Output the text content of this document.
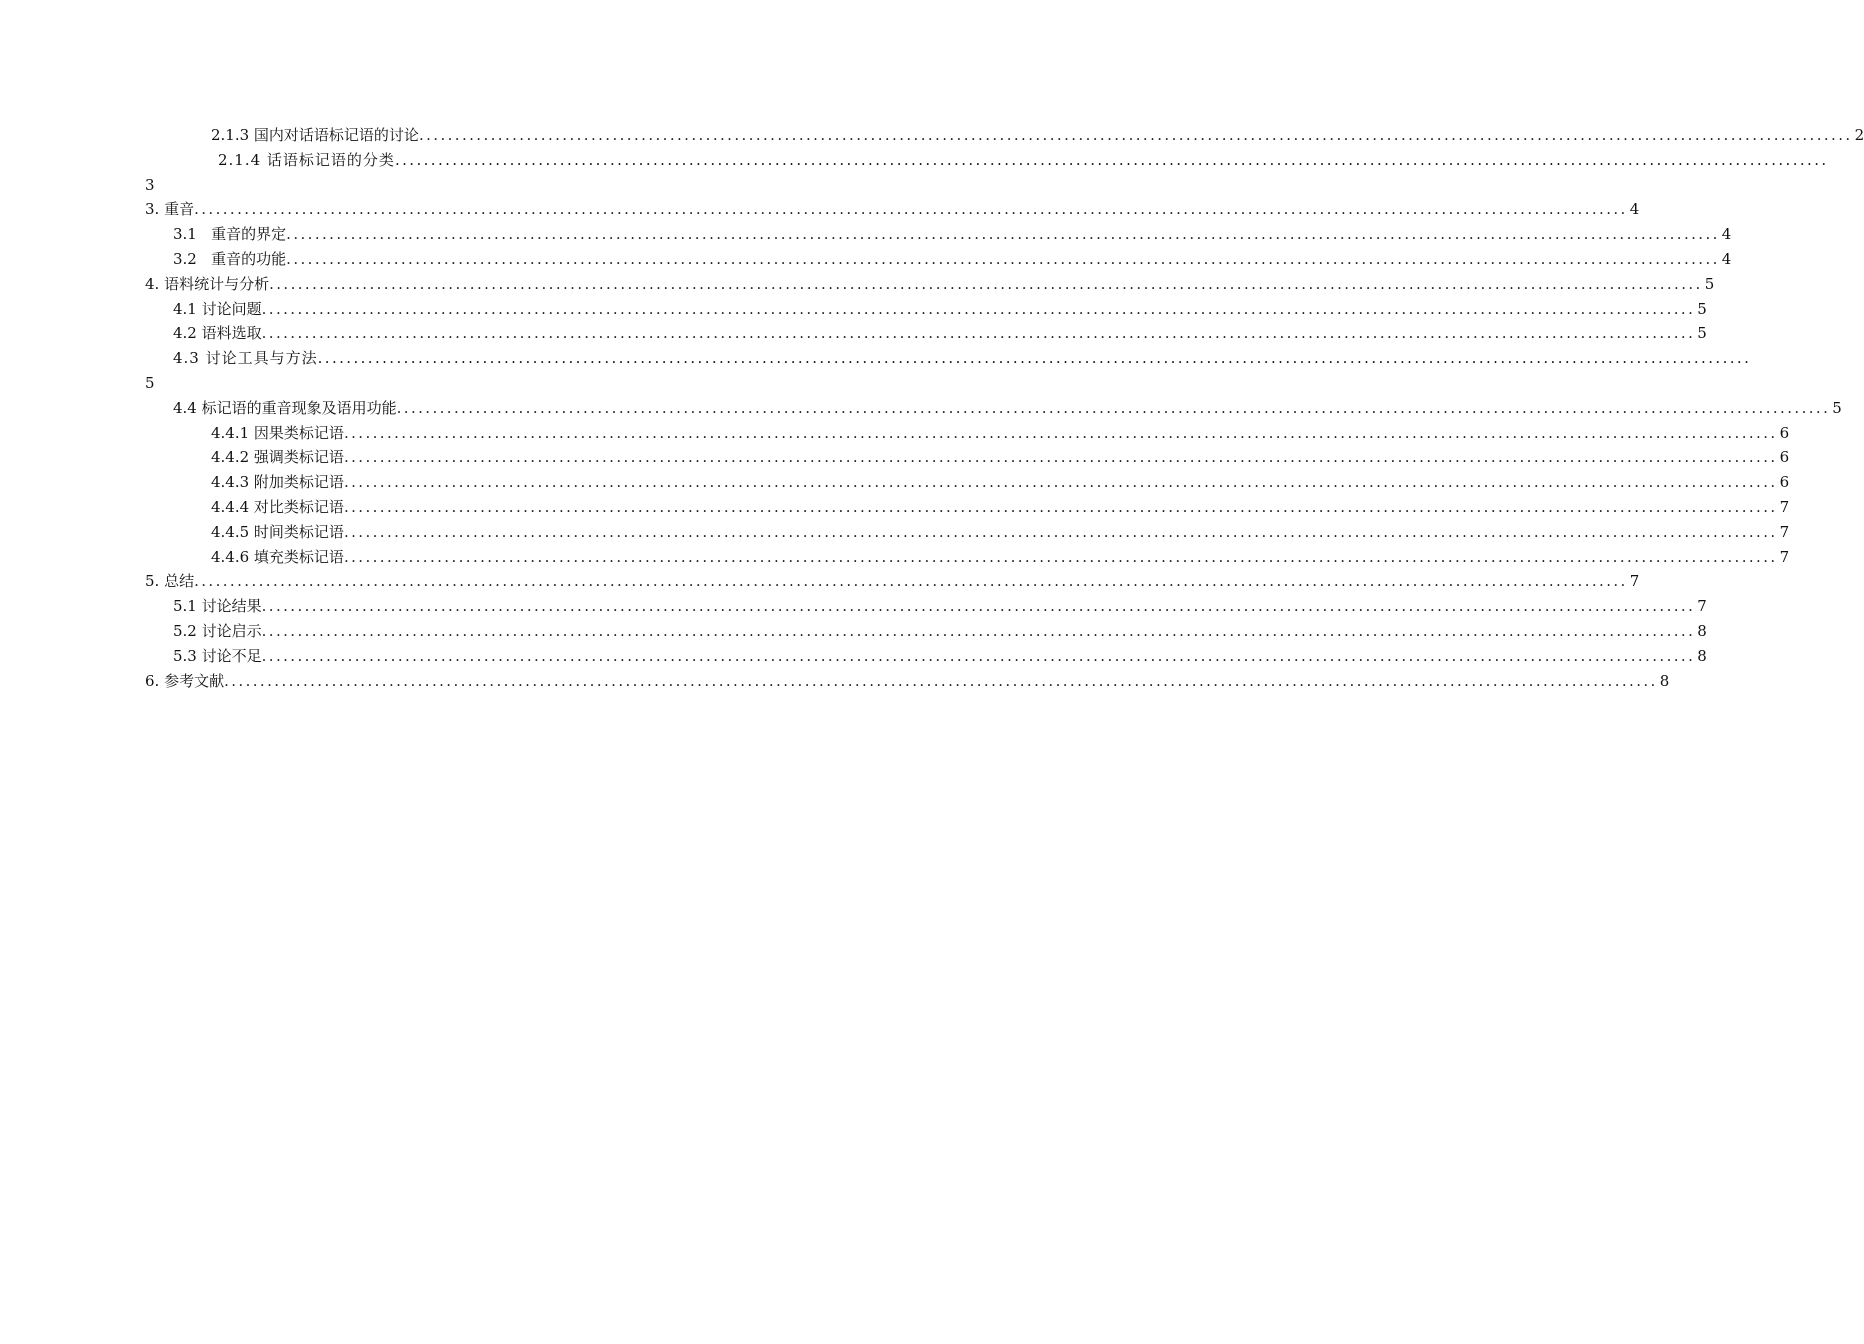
2.1.3 国内对话语标记语的讨论 ........................................................................................................................................................................................................ 2
2.1.4 话语标记语的分类 ........................................................................................................................................................................................................
3
3. 重音 ........................................................................................................................................................................................................ 4
3.1   重音的界定 ........................................................................................................................................................................................................ 4
3.2   重音的功能 ........................................................................................................................................................................................................ 4
4. 语料统计与分析 ........................................................................................................................................................................................................ 5
4.1 讨论问题 ........................................................................................................................................................................................................ 5
4.2 语料选取 ........................................................................................................................................................................................................ 5
4.3 讨论工具与方法 ........................................................................................................................................................................................................
5
4.4 标记语的重音现象及语用功能 ........................................................................................................................................................................................................ 5
4.4.1 因果类标记语 ........................................................................................................................................................................................................ 6
4.4.2 强调类标记语 ........................................................................................................................................................................................................ 6
4.4.3 附加类标记语 ........................................................................................................................................................................................................ 6
4.4.4 对比类标记语 ........................................................................................................................................................................................................ 7
4.4.5 时间类标记语 ........................................................................................................................................................................................................ 7
4.4.6 填充类标记语 ........................................................................................................................................................................................................ 7
5. 总结 ........................................................................................................................................................................................................ 7
5.1 讨论结果 ........................................................................................................................................................................................................ 7
5.2 讨论启示 ........................................................................................................................................................................................................ 8
5.3 讨论不足 ........................................................................................................................................................................................................ 8
6. 参考文献 ........................................................................................................................................................................................................ 8
